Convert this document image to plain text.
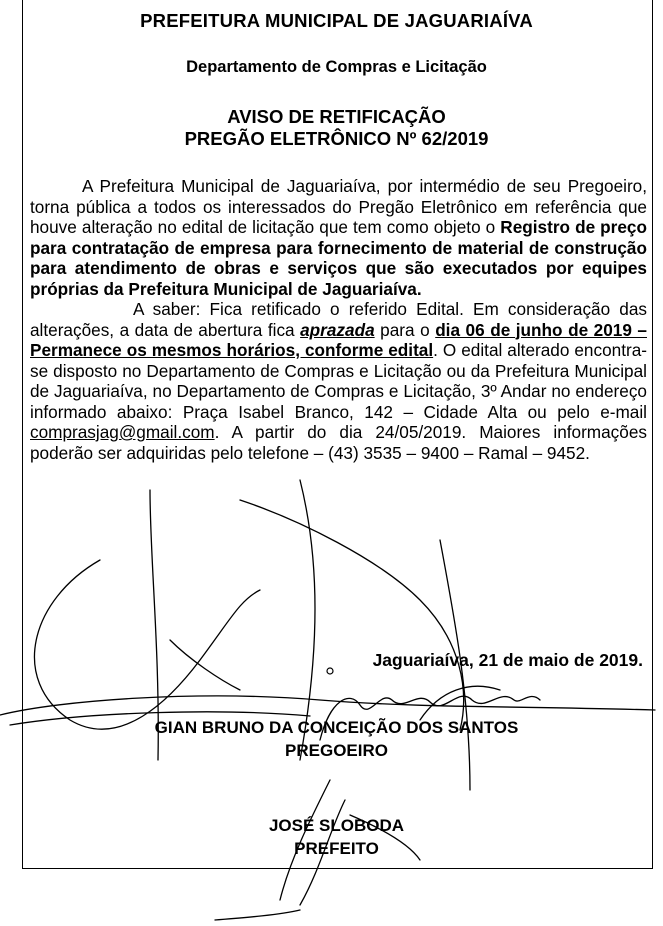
PREFEITURA MUNICIPAL DE JAGUARIAÍVA
Departamento de Compras e Licitação
AVISO DE RETIFICAÇÃO
PREGÃO ELETRÔNICO Nº 62/2019

A Prefeitura Municipal de Jaguariaíva, por intermédio de seu Pregoeiro, torna pública a todos os interessados do Pregão Eletrônico em referência que houve alteração no edital de licitação que tem como objeto o Registro de preço para contratação de empresa para fornecimento de material de construção para atendimento de obras e serviços que são executados por equipes próprias da Prefeitura Municipal de Jaguariaíva.

A saber: Fica retificado o referido Edital. Em consideração das alterações, a data de abertura fica aprazada para o dia 06 de junho de 2019 – Permanece os mesmos horários, conforme edital. O edital alterado encontra-se disposto no Departamento de Compras e Licitação ou da Prefeitura Municipal de Jaguariaíva, no Departamento de Compras e Licitação, 3º Andar no endereço informado abaixo: Praça Isabel Branco, 142 – Cidade Alta ou pelo e-mail comprasjag@gmail.com. A partir do dia 24/05/2019. Maiores informações poderão ser adquiridas pelo telefone – (43) 3535 – 9400 – Ramal – 9452.

Jaguariaíva, 21 de maio de 2019.
GIAN BRUNO DA CONCEIÇÃO DOS SANTOS
PREGOEIRO
JOSÉ SLOBODA
PREFEITO
